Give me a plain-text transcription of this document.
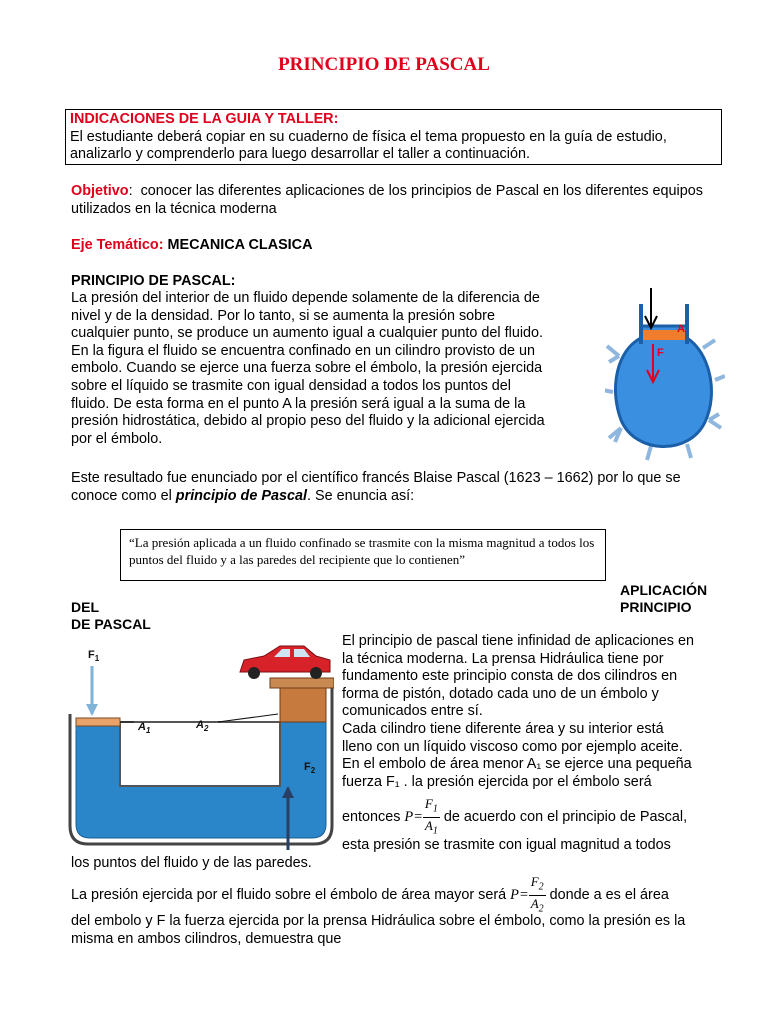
PRINCIPIO DE PASCAL
INDICACIONES DE LA GUIA Y TALLER:
El estudiante deberá copiar en su cuaderno de física el tema propuesto en la guía de estudio, analizarlo y comprenderlo para luego desarrollar el taller a continuación.
Objetivo: conocer las diferentes aplicaciones de los principios de Pascal en los diferentes equipos utilizados en la técnica moderna
Eje Temático: MECANICA CLASICA
PRINCIPIO DE PASCAL:
La presión del interior de un fluido depende solamente de la diferencia de
nivel y de la densidad. Por lo tanto, si se aumenta la presión sobre
cualquier punto, se produce un aumento igual a cualquier punto del fluido.
En la figura el fluido se encuentra confinado en un cilindro provisto de un
embolo. Cuando se ejerce una fuerza sobre el émbolo, la presión ejercida
sobre el líquido se trasmite con igual densidad a todos los puntos del
fluido. De esta forma en el punto A la presión será igual a la suma de la
presión hidrostática, debido al propio peso del fluido y la adicional ejercida
por el émbolo.
A
F
Este resultado fue enunciado por el científico francés Blaise Pascal (1623 – 1662) por lo que se
conoce como el principio de Pascal. Se enuncia así:
“La presión aplicada a un fluido confinado se trasmite con la misma magnitud a todos los puntos del fluido y a las paredes del recipiente que lo contienen”
APLICACIÓN
PRINCIPIO
DEL
DE PASCAL
$F_1$
$A_1$	$A_2$
$F_2$
El principio de pascal tiene infinidad de aplicaciones en
la técnica moderna. La prensa Hidráulica tiene por
fundamento este principio consta de dos cilindros en
forma de pistón, dotado cada uno de un émbolo y
comunicados entre sí.
Cada cilindro tiene diferente área y su interior está
lleno con un líquido viscoso como por ejemplo aceite.
En el embolo de área menor A₁ se ejerce una pequeña
fuerza F₁ . la presión ejercida por el émbolo será
entonces $P= \frac{F_1}{A_1}$ de acuerdo con el principio de Pascal,
esta presión se trasmite con igual magnitud a todos
los puntos del fluido y de las paredes.
La presión ejercida por el fluido sobre el émbolo de área mayor será $P= \frac{F_2}{A_2}$ donde a es el área
del embolo y F la fuerza ejercida por la prensa Hidráulica sobre el émbolo, como la presión es la
misma en ambos cilindros, demuestra que
